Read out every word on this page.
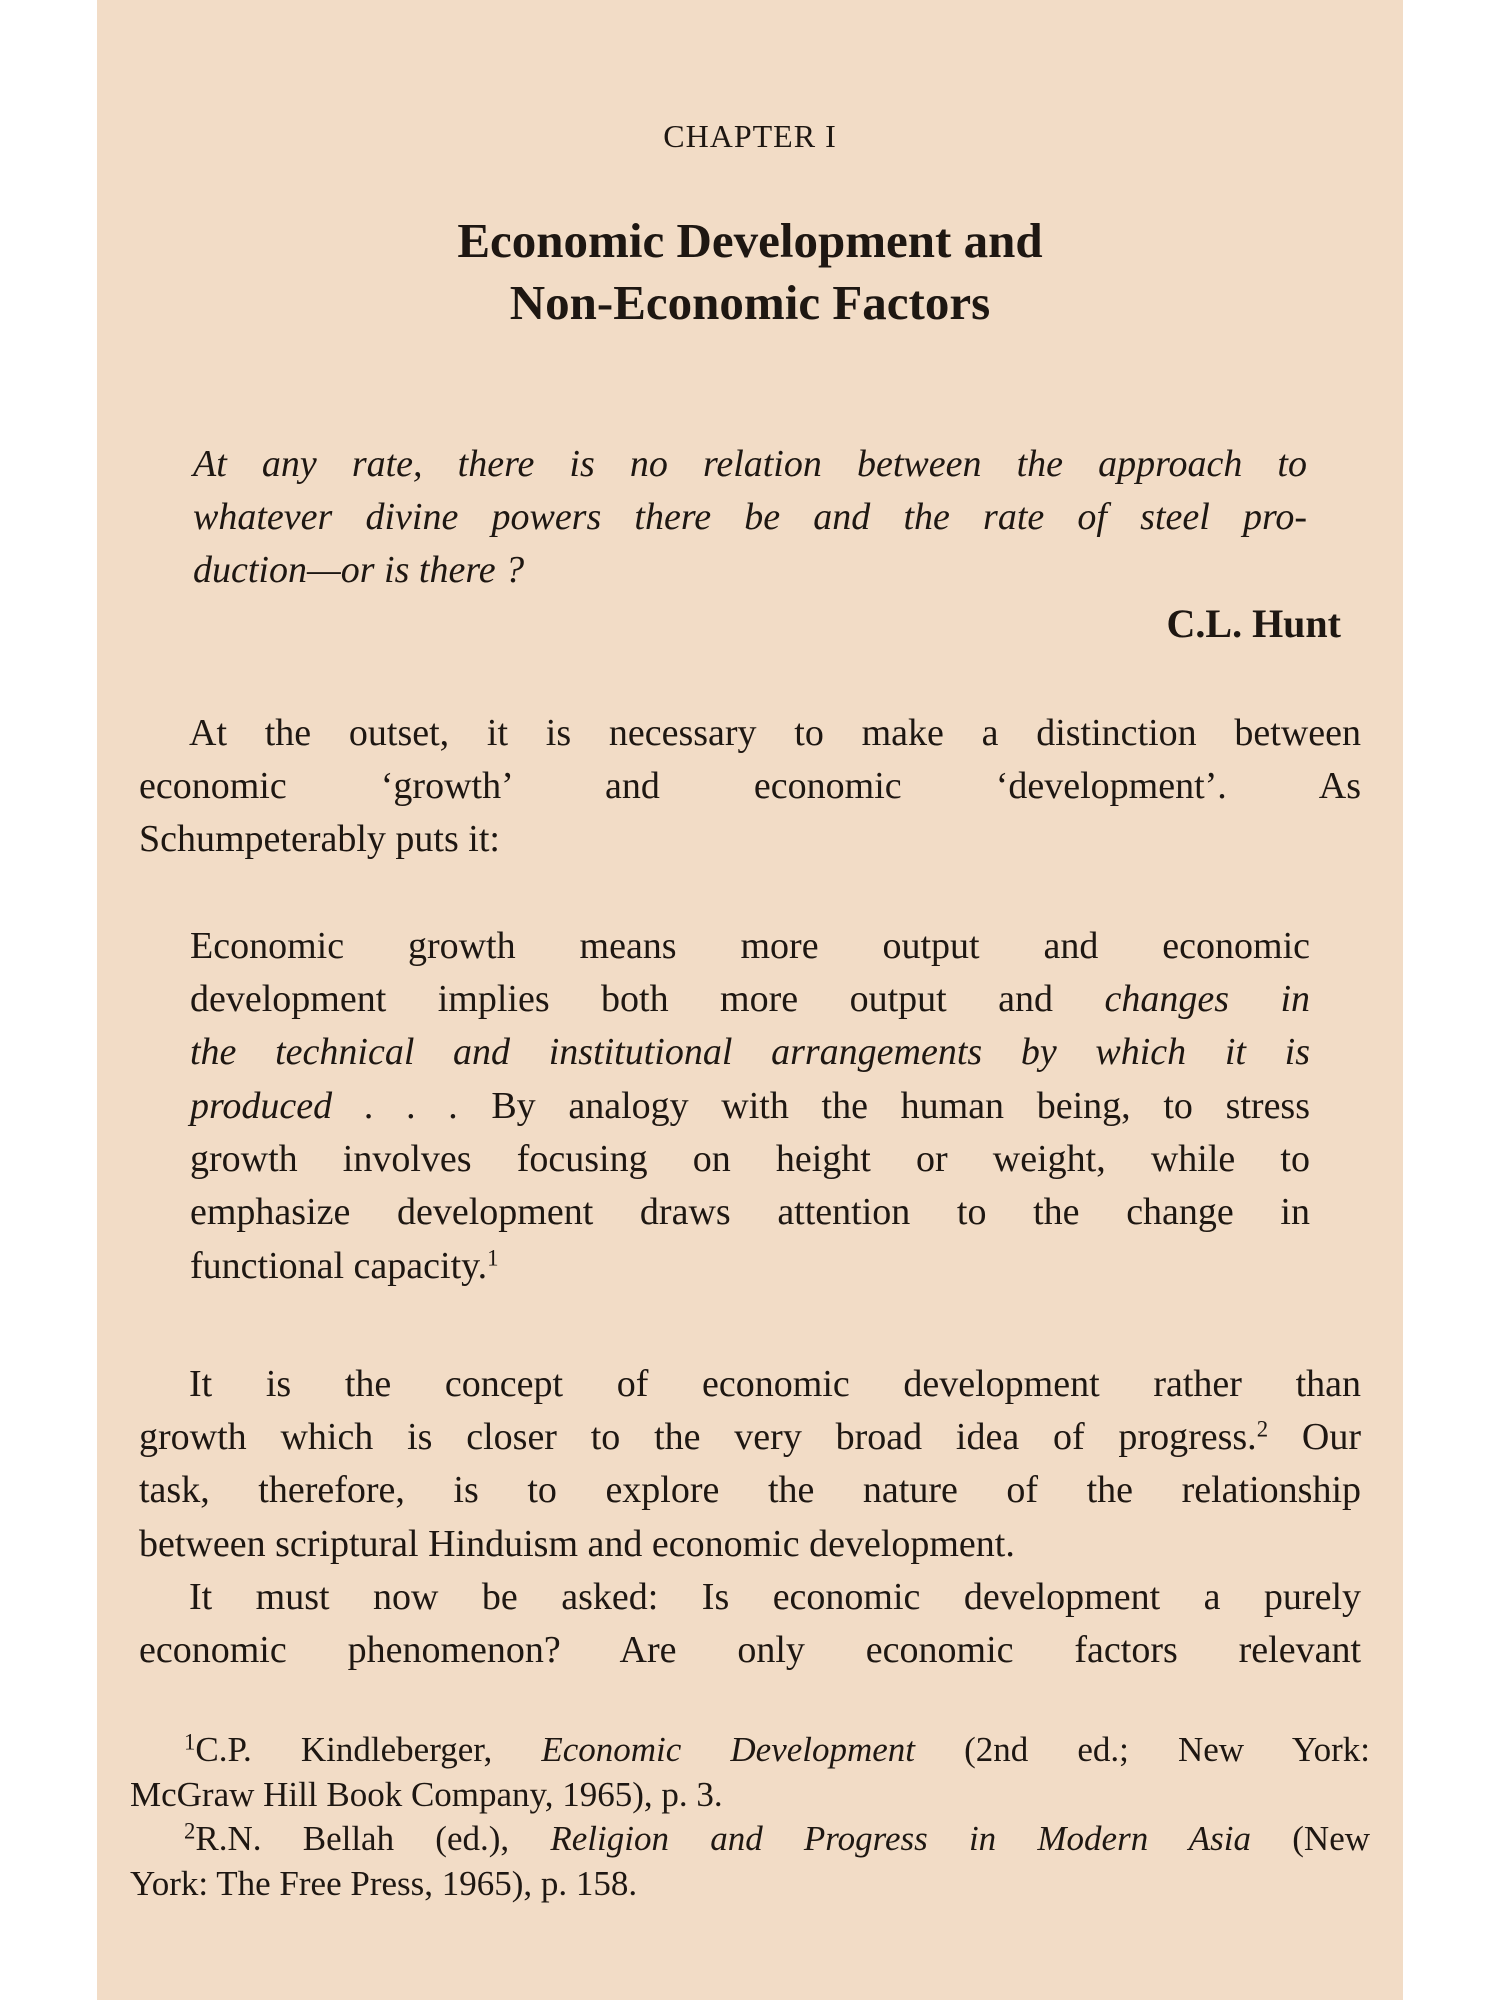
CHAPTER I
Economic Development and
Non-Economic Factors
At any rate, there is no relation between the approach to
whatever divine powers there be and the rate of steel pro-
duction—or is there ?
C.L. Hunt
At the outset, it is necessary to make a distinction between
economic ‘growth’ and economic ‘development’. As
Schumpeterably puts it:
Economic growth means more output and economic
development implies both more output and changes in
the technical and institutional arrangements by which it is
produced . . . By analogy with the human being, to stress
growth involves focusing on height or weight, while to
emphasize development draws attention to the change in
functional capacity.$^1$
It is the concept of economic development rather than
growth which is closer to the very broad idea of progress.$^2$ Our
task, therefore, is to explore the nature of the relationship
between scriptural Hinduism and economic development.
It must now be asked: Is economic development a purely
economic phenomenon? Are only economic factors relevant
$^1$C.P. Kindleberger, Economic Development (2nd ed.; New York:
McGraw Hill Book Company, 1965), p. 3.
$^2$R.N. Bellah (ed.), Religion and Progress in Modern Asia (New
York: The Free Press, 1965), p. 158.
